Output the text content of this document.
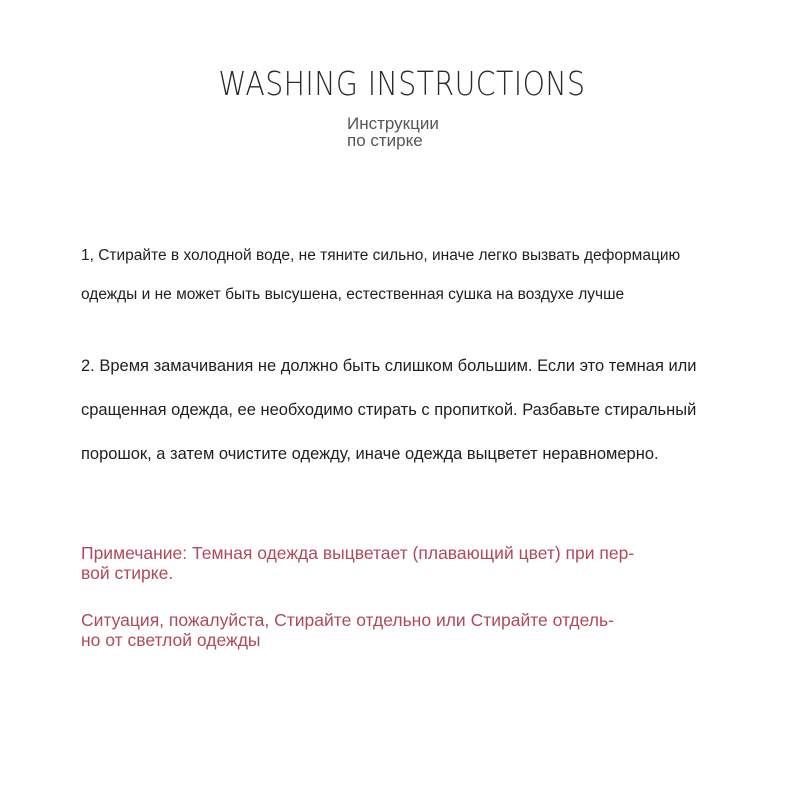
WASHING INSTRUCTIONS
Инструкции
по стирке

1, Стирайте в холодной воде, не тяните сильно, иначе легко вызвать деформацию
одежды и не может быть высушена, естественная сушка на воздухе лучше

2. Время замачивания не должно быть слишком большим. Если это темная или
сращенная одежда, ее необходимо стирать с пропиткой. Разбавьте стиральный
порошок, а затем очистите одежду, иначе одежда выцветет неравномерно.

Примечание: Темная одежда выцветает (плавающий цвет) при пер-
вой стирке.

Ситуация, пожалуйста, Стирайте отдельно или Стирайте отдель-
но от светлой одежды
